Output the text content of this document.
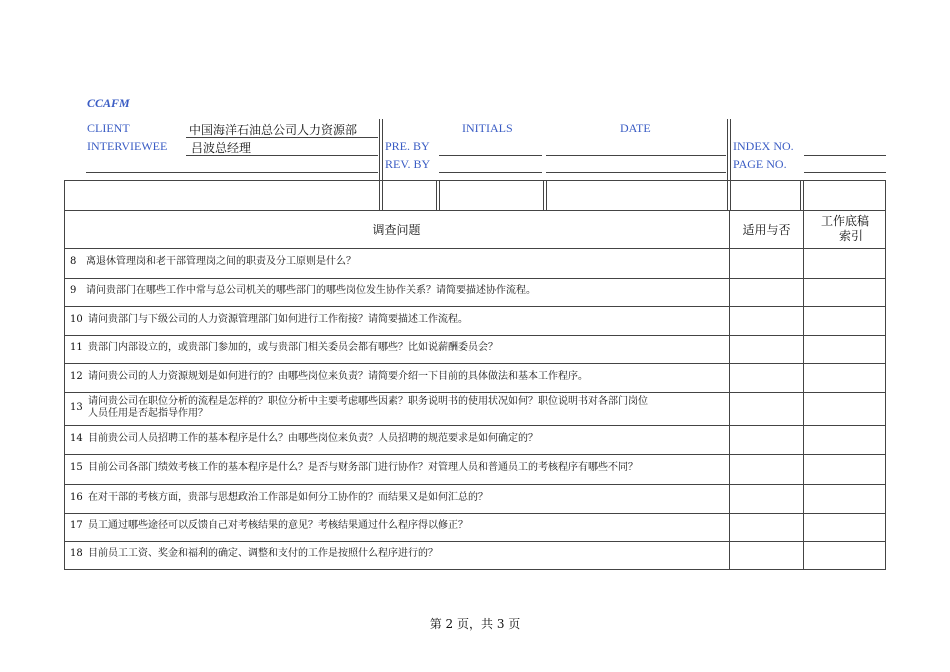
CCAFM
CLIENT	中国海洋石油总公司人力资源部
INTERVIEWEE 吕波总经理
INITIALS	DATE
PRE. BY
REV. BY
INDEX NO.
PAGE NO.
调查问题	适用与否
工作底稿
索引
8 离退休管理岗和老干部管理岗之间的职责及分工原则是什么？
9 请问贵部门在哪些工作中常与总公司机关的哪些部门的哪些岗位发生协作关系？请简要描述协作流程。
10 请问贵部门与下级公司的人力资源管理部门如何进行工作衔接？请简要描述工作流程。
11 贵部门内部设立的，或贵部门参加的，或与贵部门相关委员会都有哪些？比如说薪酬委员会？
12 请问贵公司的人力资源规划是如何进行的？由哪些岗位来负责？请简要介绍一下目前的具体做法和基本工作程序。
13
请问贵公司在职位分析的流程是怎样的？职位分析中主要考虑哪些因素？职务说明书的使用状况如何？职位说明书对各部门岗位
人员任用是否起指导作用？
14 目前贵公司人员招聘工作的基本程序是什么？由哪些岗位来负责？人员招聘的规范要求是如何确定的？
15 目前公司各部门绩效考核工作的基本程序是什么？是否与财务部门进行协作？对管理人员和普通员工的考核程序有哪些不同？
16 在对干部的考核方面，贵部与思想政治工作部是如何分工协作的？而结果又是如何汇总的？
17 员工通过哪些途径可以反馈自己对考核结果的意见？考核结果通过什么程序得以修正？
18 目前员工工资、奖金和福利的确定、调整和支付的工作是按照什么程序进行的？
第 2 页，共 3 页
